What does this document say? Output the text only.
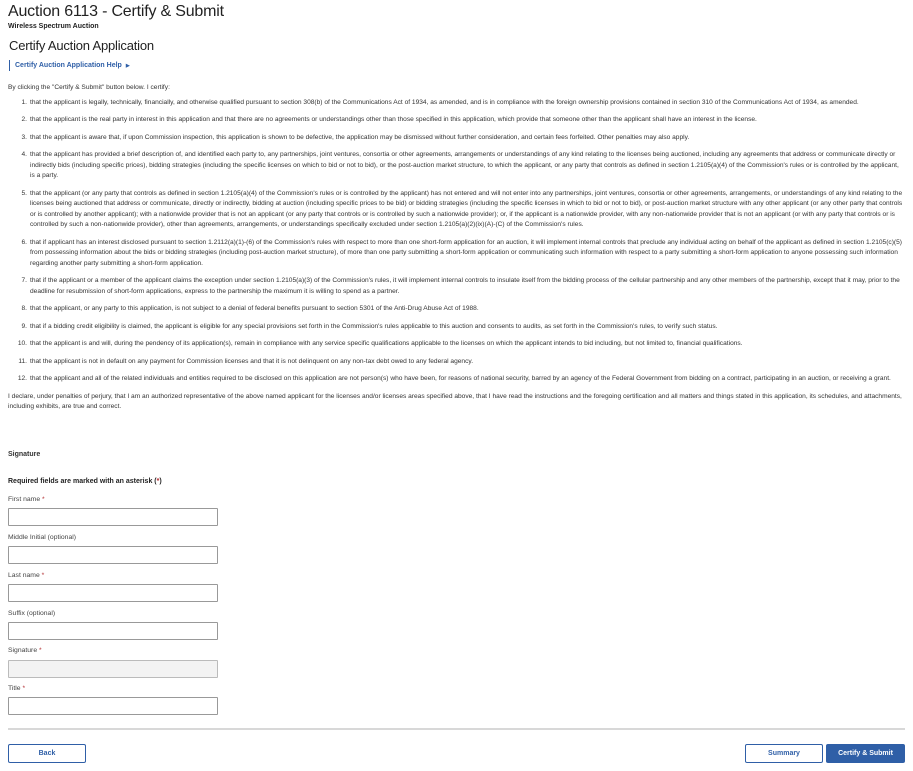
Auction 6113 - Certify & Submit
Wireless Spectrum Auction
Certify Auction Application
Certify Auction Application Help ▶

By clicking the "Certify & Submit" button below. I certify:

1. that the applicant is legally, technically, financially, and otherwise qualified pursuant to section 308(b) of the Communications Act of 1934, as amended, and is in compliance with the foreign ownership provisions contained in section 310 of the Communications Act of 1934, as amended.
2. that the applicant is the real party in interest in this application and that there are no agreements or understandings other than those specified in this application, which provide that someone other than the applicant shall have an interest in the license.
3. that the applicant is aware that, if upon Commission inspection, this application is shown to be defective, the application may be dismissed without further consideration, and certain fees forfeited. Other penalties may also apply.
4. that the applicant has provided a brief description of, and identified each party to, any partnerships, joint ventures, consortia or other agreements, arrangements or understandings of any kind relating to the licenses being auctioned, including any agreements that address or communicate directly or indirectly bids (including specific prices), bidding strategies (including the specific licenses on which to bid or not to bid), or the post-auction market structure, to which the applicant, or any party that controls as defined in section 1.2105(a)(4) of the Commission's rules or is controlled by the applicant, is a party.
5. that the applicant (or any party that controls as defined in section 1.2105(a)(4) of the Commission's rules or is controlled by the applicant) has not entered and will not enter into any partnerships, joint ventures, consortia or other agreements, arrangements, or understandings of any kind relating to the licenses being auctioned that address or communicate, directly or indirectly, bidding at auction (including specific prices to be bid) or bidding strategies (including the specific licenses in which to bid or not to bid), or post-auction market structure with any other applicant (or any other party that controls or is controlled by another applicant); with a nationwide provider that is not an applicant (or any party that controls or is controlled by such a nationwide provider); or, if the applicant is a nationwide provider, with any non-nationwide provider that is not an applicant (or with any party that controls or is controlled by such a non-nationwide provider), other than agreements, arrangements, or understandings specifically excluded under section 1.2105(a)(2)(ix)(A)-(C) of the Commission's rules.
6. that if applicant has an interest disclosed pursuant to section 1.2112(a)(1)-(6) of the Commission's rules with respect to more than one short-form application for an auction, it will implement internal controls that preclude any individual acting on behalf of the applicant as defined in section 1.2105(c)(5) from possessing information about the bids or bidding strategies (including post-auction market structure), of more than one party submitting a short-form application or communicating such information with respect to a party submitting a short-form application to anyone possessing such information regarding another party submitting a short-form application.
7. that if the applicant or a member of the applicant claims the exception under section 1.2105(a)(3) of the Commission's rules, it will implement internal controls to insulate itself from the bidding process of the cellular partnership and any other members of the partnership, except that it may, prior to the deadline for resubmission of short-form applications, express to the partnership the maximum it is willing to spend as a partner.
8. that the applicant, or any party to this application, is not subject to a denial of federal benefits pursuant to section 5301 of the Anti-Drug Abuse Act of 1988.
9. that if a bidding credit eligibility is claimed, the applicant is eligible for any special provisions set forth in the Commission's rules applicable to this auction and consents to audits, as set forth in the Commission's rules, to verify such status.
10. that the applicant is and will, during the pendency of its application(s), remain in compliance with any service specific qualifications applicable to the licenses on which the applicant intends to bid including, but not limited to, financial qualifications.
11. that the applicant is not in default on any payment for Commission licenses and that it is not delinquent on any non-tax debt owed to any federal agency.
12. that the applicant and all of the related individuals and entities required to be disclosed on this application are not person(s) who have been, for reasons of national security, barred by an agency of the Federal Government from bidding on a contract, participating in an auction, or receiving a grant.

I declare, under penalties of perjury, that I am an authorized representative of the above named applicant for the licenses and/or licenses areas specified above, that I have read the instructions and the foregoing certification and all matters and things stated in this application, its schedules, and attachments, including exhibits, are true and correct.

Signature
Required fields are marked with an asterisk (*)
First name *
Middle Initial (optional)
Last name *
Suffix (optional)
Signature *
Title *
Back	Summary	Certify & Submit
